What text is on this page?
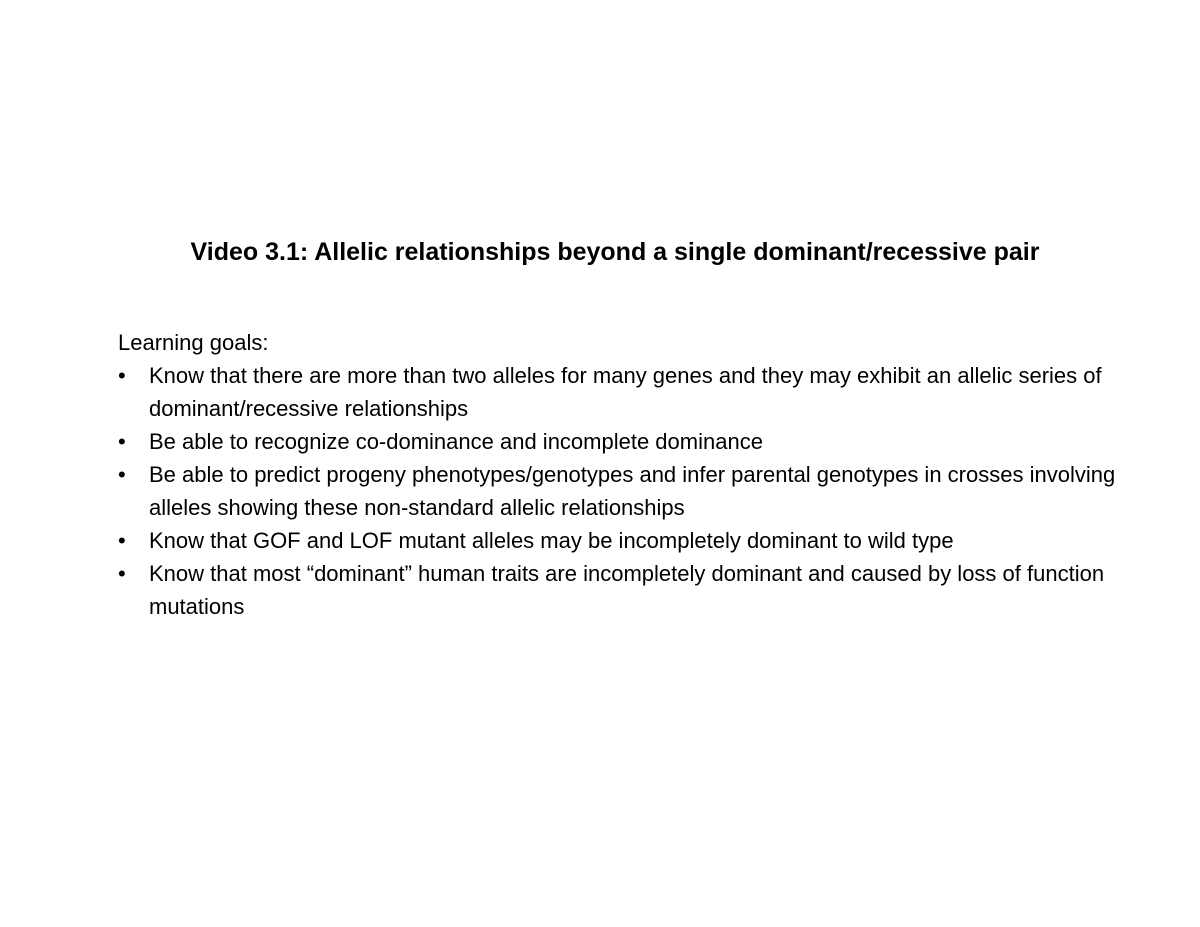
Video 3.1: Allelic relationships beyond a single dominant/recessive pair

Learning goals:

•	Know that there are more than two alleles for many genes and they may exhibit an allelic series of dominant/recessive relationships
•	Be able to recognize co-dominance and incomplete dominance
•	Be able to predict progeny phenotypes/genotypes and infer parental genotypes in crosses involving alleles showing these non-standard allelic relationships
•	Know that GOF and LOF mutant alleles may be incompletely dominant to wild type
•	Know that most “dominant” human traits are incompletely dominant and caused by loss of function mutations
